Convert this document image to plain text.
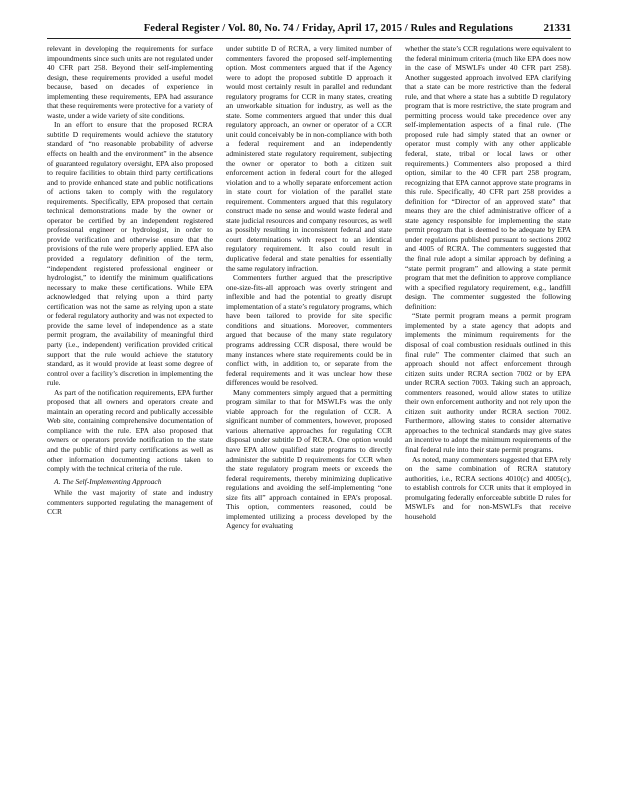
Federal Register / Vol. 80, No. 74 / Friday, April 17, 2015 / Rules and Regulations	21331

relevant in developing the requirements for surface impoundments since such units are not regulated under 40 CFR part 258. Beyond their self-implementing design, these requirements provided a useful model because, based on decades of experience in implementing these requirements, EPA had assurance that these requirements were protective for a variety of waste, under a wide variety of site conditions.

In an effort to ensure that the proposed RCRA subtitle D requirements would achieve the statutory standard of “no reasonable probability of adverse effects on health and the environment” in the absence of guaranteed regulatory oversight, EPA also proposed to require facilities to obtain third party certifications and to provide enhanced state and public notifications of actions taken to comply with the regulatory requirements. Specifically, EPA proposed that certain technical demonstrations made by the owner or operator be certified by an independent registered professional engineer or hydrologist, in order to provide verification and otherwise ensure that the provisions of the rule were properly applied. EPA also provided a regulatory definition of the term, “independent registered professional engineer or hydrologist,” to identify the minimum qualifications necessary to make these certifications. While EPA acknowledged that relying upon a third party certification was not the same as relying upon a state or federal regulatory authority and was not expected to provide the same level of independence as a state permit program, the availability of meaningful third party (i.e., independent) verification provided critical support that the rule would achieve the statutory standard, as it would provide at least some degree of control over a facility’s discretion in implementing the rule.

As part of the notification requirements, EPA further proposed that all owners and operators create and maintain an operating record and publically accessible Web site, containing comprehensive documentation of compliance with the rule. EPA also proposed that owners or operators provide notification to the state and the public of third party certifications as well as other information documenting actions taken to comply with the technical criteria of the rule.

A. The Self-Implementing Approach

While the vast majority of state and industry commenters supported regulating the management of CCR

under subtitle D of RCRA, a very limited number of commenters favored the proposed self-implementing option. Most commenters argued that if the Agency were to adopt the proposed subtitle D approach it would most certainly result in parallel and redundant regulatory programs for CCR in many states, creating an unworkable situation for industry, as well as the state. Some commenters argued that under this dual regulatory approach, an owner or operator of a CCR unit could conceivably be in non-compliance with both a federal requirement and an independently administered state regulatory requirement, subjecting the owner or operator to both a citizen suit enforcement action in federal court for the alleged violation and to a wholly separate enforcement action in state court for violation of the parallel state requirement. Commenters argued that this regulatory construct made no sense and would waste federal and state judicial resources and company resources, as well as possibly resulting in inconsistent federal and state court determinations with respect to an identical regulatory requirement. It also could result in duplicative federal and state penalties for essentially the same regulatory infraction.

Commenters further argued that the prescriptive one-size-fits-all approach was overly stringent and inflexible and had the potential to greatly disrupt implementation of a state’s regulatory programs, which have been tailored to provide for site specific conditions and situations. Moreover, commenters argued that because of the many state regulatory programs addressing CCR disposal, there would be many instances where state requirements could be in conflict with, in addition to, or separate from the federal requirements and it was unclear how these differences would be resolved.

Many commenters simply argued that a permitting program similar to that for MSWLFs was the only viable approach for the regulation of CCR. A significant number of commenters, however, proposed various alternative approaches for regulating CCR disposal under subtitle D of RCRA. One option would have EPA allow qualified state programs to directly administer the subtitle D requirements for CCR when the state regulatory program meets or exceeds the federal requirements, thereby minimizing duplicative regulations and avoiding the self-implementing “one size fits all” approach contained in EPA’s proposal. This option, commenters reasoned, could be implemented utilizing a process developed by the Agency for evaluating

whether the state’s CCR regulations were equivalent to the federal minimum criteria (much like EPA does now in the case of MSWLFs under 40 CFR part 258). Another suggested approach involved EPA clarifying that a state can be more restrictive than the federal rule, and that where a state has a subtitle D regulatory program that is more restrictive, the state program and permitting process would take precedence over any self-implementation aspects of a final rule. (The proposed rule had simply stated that an owner or operator must comply with any other applicable federal, state, tribal or local laws or other requirements.) Commenters also proposed a third option, similar to the 40 CFR part 258 program, recognizing that EPA cannot approve state programs in this rule. Specifically, 40 CFR part 258 provides a definition for “Director of an approved state” that means they are the chief administrative officer of a state agency responsible for implementing the state permit program that is deemed to be adequate by EPA under regulations published pursuant to sections 2002 and 4005 of RCRA. The commenters suggested that the final rule adopt a similar approach by defining a “state permit program” and allowing a state permit program that met the definition to approve compliance with a specified regulatory requirement, e.g., landfill design. The commenter suggested the following definition:

“State permit program means a permit program implemented by a state agency that adopts and implements the minimum requirements for the disposal of coal combustion residuals outlined in this final rule” The commenter claimed that such an approach should not affect enforcement through citizen suits under RCRA section 7002 or by EPA under RCRA section 7003. Taking such an approach, commenters reasoned, would allow states to utilize their own enforcement authority and not rely upon the citizen suit authority under RCRA section 7002. Furthermore, allowing states to consider alternative approaches to the technical standards may give states an incentive to adopt the minimum requirements of the final federal rule into their state permit programs.

As noted, many commenters suggested that EPA rely on the same combination of RCRA statutory authorities, i.e., RCRA sections 4010(c) and 4005(c), to establish controls for CCR units that it employed in promulgating federally enforceable subtitle D rules for MSWLFs and for non-MSWLFs that receive household
